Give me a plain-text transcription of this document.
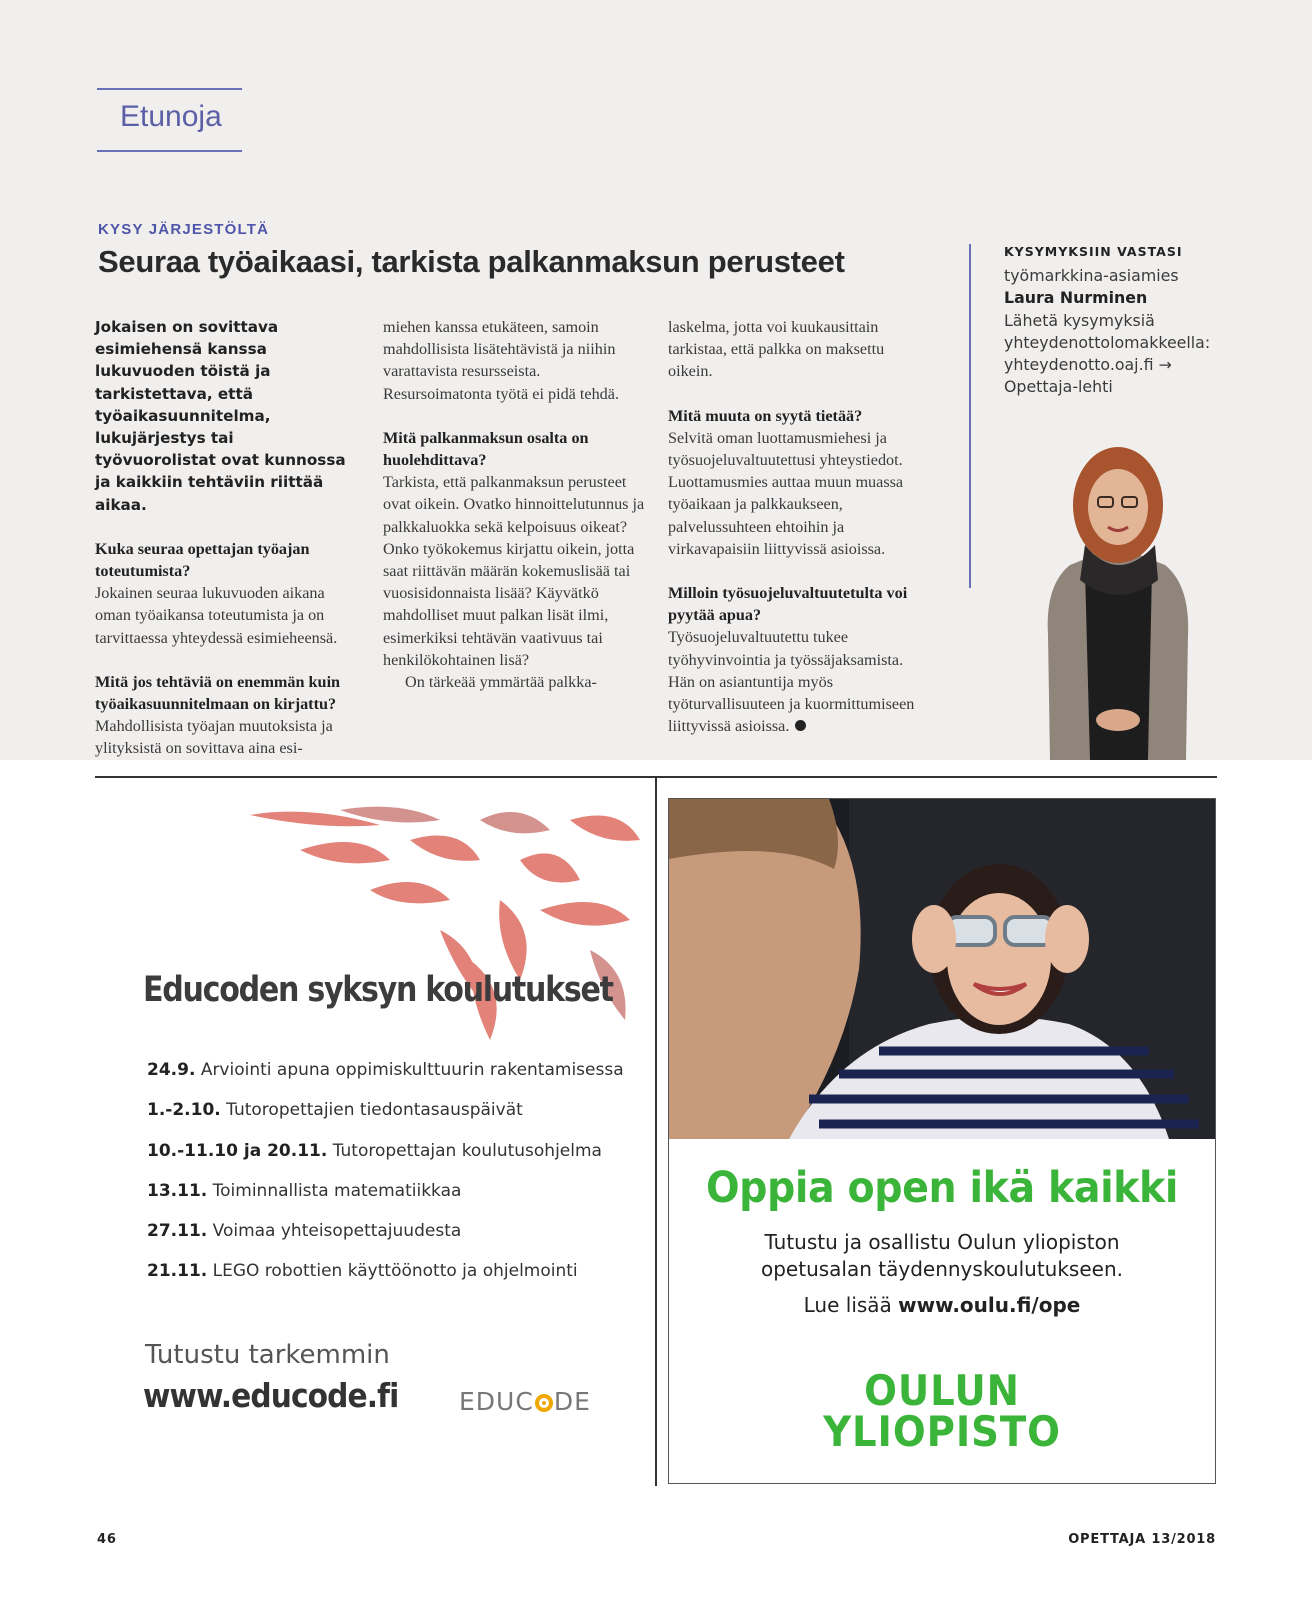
Etunoja
KYSY JÄRJESTÖLTÄ
Seuraa työaikaasi, tarkista palkanmaksun perusteet

Jokaisen on sovittava esimiehensä kanssa lukuvuoden töistä ja tarkistettava, että työaikasuunnitelma, lukujärjestys tai työvuorolistat ovat kunnossa ja kaikkiin tehtäviin riittää aikaa.

Kuka seuraa opettajan työajan toteutumista?
Jokainen seuraa lukuvuoden aikana oman työaikansa toteutumista ja on tarvittaessa yhteydessä esimieheensä.

Mitä jos tehtäviä on enemmän kuin työaikasuunnitelmaan on kirjattu?
Mahdollisista työajan muutoksista ja ylityksistä on sovittava aina esi-

miehen kanssa etukäteen, samoin mahdollisista lisätehtävistä ja niihin varattavista resursseista. Resursoimatonta työtä ei pidä tehdä.

Mitä palkanmaksun osalta on huolehdittava?
Tarkista, että palkanmaksun perusteet ovat oikein. Ovatko hinnoittelutunnus ja palkkaluokka sekä kelpoisuus oikeat? Onko työkokemus kirjattu oikein, jotta saat riittävän määrän kokemuslisää tai vuosisidonnaista lisää? Käyvätkö mahdolliset muut palkan lisät ilmi, esimerkiksi tehtävän vaativuus tai henkilökohtainen lisä?
On tärkeää ymmärtää palkka-

laskelma, jotta voi kuukausittain tarkistaa, että palkka on maksettu oikein.

Mitä muuta on syytä tietää?
Selvitä oman luottamusmiehesi ja työsuojeluvaltuutettusi yhteystiedot. Luottamusmies auttaa muun muassa työaikaan ja palkkaukseen, palvelussuhteen ehtoihin ja virkavapaisiin liittyvissä asioissa.

Milloin työsuojeluvaltuutetulta voi pyytää apua?
Työsuojeluvaltuutettu tukee työhyvinvointia ja työssäjaksamista. Hän on asiantuntija myös työturvallisuuteen ja kuormittumiseen liittyvissä asioissa.

KYSYMYKSIIN VASTASI
työmarkkina-asiamies
Laura Nurminen
Lähetä kysymyksiä yhteydenottolomakkeella:
yhteydenotto.oaj.fi →
Opettaja-lehti
Educoden syksyn koulutukset
24.9. Arviointi apuna oppimiskulttuurin rakentamisessa
1.-2.10. Tutoropettajien tiedontasauspäivät
10.-11.10 ja 20.11. Tutoropettajan koulutusohjelma
13.11. Toiminnallista matematiikkaa
27.11. Voimaa yhteisopettajuudesta
21.11. LEGO robottien käyttöönotto ja ohjelmointi
Tutustu tarkemmin
www.educode.fi EDUC DE
Oppia open ikä kaikki
Tutustu ja osallistu Oulun yliopiston
opetusalan täydennyskoulutukseen.
Lue lisää www.oulu.fi/ope
OULUN
YLIOPISTO
46	OPETTAJA 13/2018
